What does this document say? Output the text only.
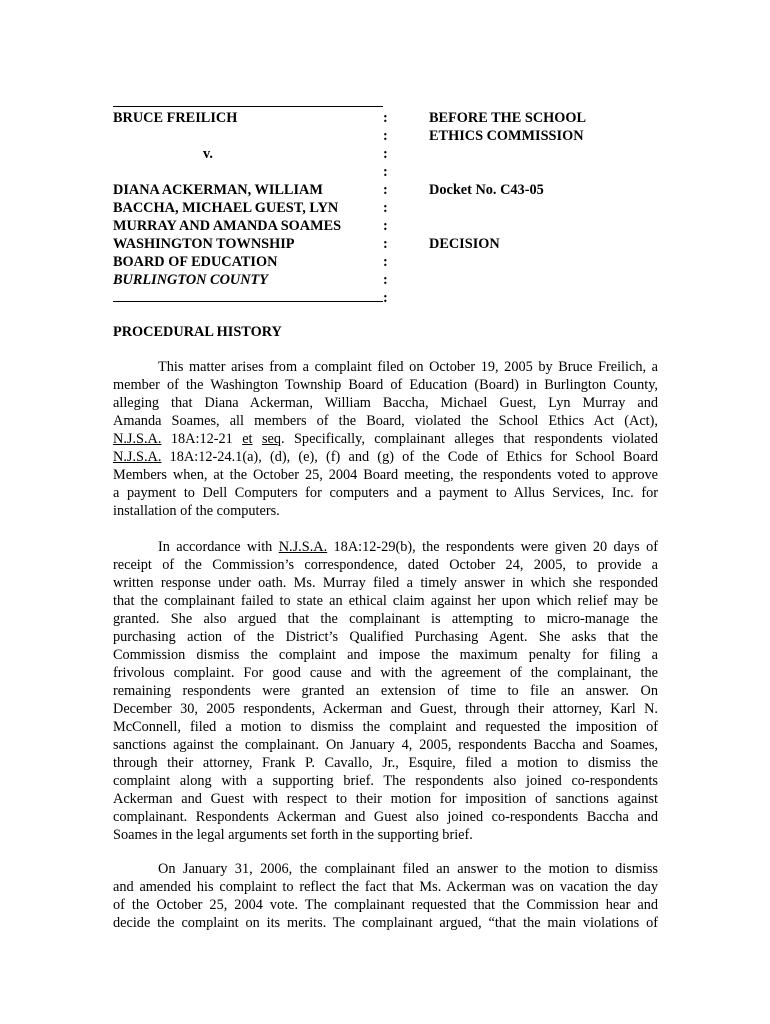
BRUCE FREILICH
v.
DIANA ACKERMAN, WILLIAM
BACCHA, MICHAEL GUEST, LYN
MURRAY AND AMANDA SOAMES
WASHINGTON TOWNSHIP
BOARD OF EDUCATION
BURLINGTON COUNTY
:
:
:
:
:
:
:
:
:
:
:
BEFORE THE SCHOOL
ETHICS COMMISSION
Docket No. C43-05
DECISION
PROCEDURAL HISTORY
This matter arises from a complaint filed on October 19, 2005 by Bruce Freilich, a
member of the Washington Township Board of Education (Board) in Burlington County,
alleging that Diana Ackerman, William Baccha, Michael Guest, Lyn Murray and
Amanda Soames, all members of the Board, violated the School Ethics Act (Act),
N.J.S.A. 18A:12-21 et seq. Specifically, complainant alleges that respondents violated
N.J.S.A. 18A:12-24.1(a), (d), (e), (f) and (g) of the Code of Ethics for School Board
Members when, at the October 25, 2004 Board meeting, the respondents voted to approve
a payment to Dell Computers for computers and a payment to Allus Services, Inc. for
installation of the computers.
In accordance with N.J.S.A. 18A:12-29(b), the respondents were given 20 days of
receipt of the Commission’s correspondence, dated October 24, 2005, to provide a
written response under oath. Ms. Murray filed a timely answer in which she responded
that the complainant failed to state an ethical claim against her upon which relief may be
granted. She also argued that the complainant is attempting to micro-manage the
purchasing action of the District’s Qualified Purchasing Agent. She asks that the
Commission dismiss the complaint and impose the maximum penalty for filing a
frivolous complaint. For good cause and with the agreement of the complainant, the
remaining respondents were granted an extension of time to file an answer. On
December 30, 2005 respondents, Ackerman and Guest, through their attorney, Karl N.
McConnell, filed a motion to dismiss the complaint and requested the imposition of
sanctions against the complainant. On January 4, 2005, respondents Baccha and Soames,
through their attorney, Frank P. Cavallo, Jr., Esquire, filed a motion to dismiss the
complaint along with a supporting brief. The respondents also joined co-respondents
Ackerman and Guest with respect to their motion for imposition of sanctions against
complainant. Respondents Ackerman and Guest also joined co-respondents Baccha and
Soames in the legal arguments set forth in the supporting brief.
On January 31, 2006, the complainant filed an answer to the motion to dismiss
and amended his complaint to reflect the fact that Ms. Ackerman was on vacation the day
of the October 25, 2004 vote. The complainant requested that the Commission hear and
decide the complaint on its merits. The complainant argued, “that the main violations of
